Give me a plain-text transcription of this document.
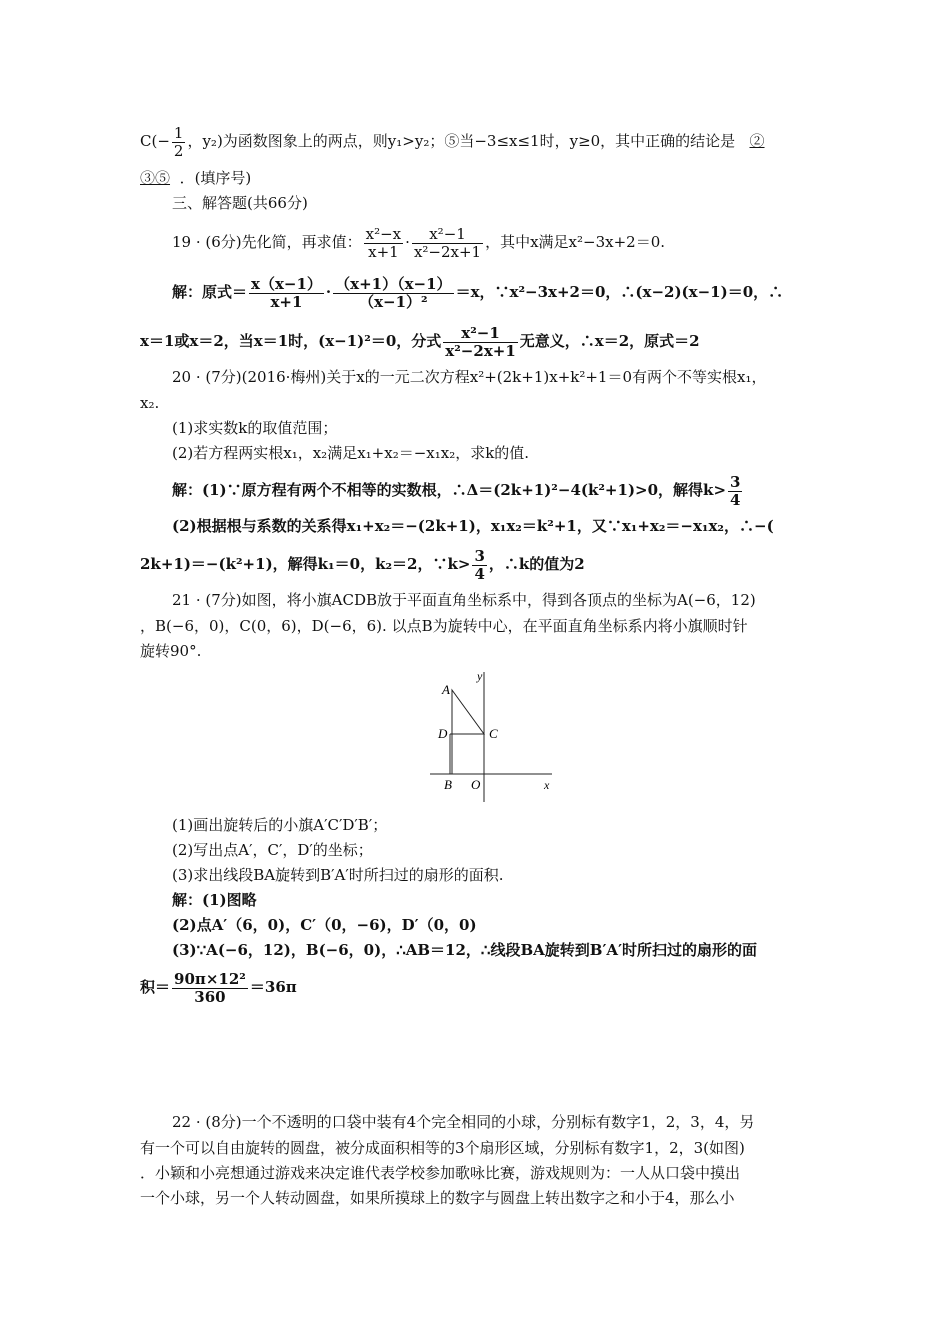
$C(- \frac{1}{2}$ ，y₂)为函数图象上的两点，则y₁>y₂；⑤当−3≤x≤1时，y≥0，其中正确的结论是 ②
③⑤ ．(填序号)
三、解答题(共66分)
19 · (6分)先化简，再求值： $\frac{\text{x²−x}}{x+1} \cdot \frac{\text{x²−1}}{\text{x²−2x+1}}$ ，其中x满足x²−3x+2＝0.
解：原式＝ $\frac{x(x-1)}{x+1} \cdot \frac{(x+1)(x-1)}{\text{（x−1）²}} =x$，∵x²−3x+2＝0，∴(x−2)(x−1)＝0，∴
x＝1或x＝2，当x＝1时，(x−1)²＝0，分式 $\frac{\text{x²−1}}{\text{x²−2x+1}}$ 无意义，∴x＝2，原式＝2
20 · (7分)(2016·梅州)关于x的一元二次方程x²+(2k+1)x+k²+1＝0有两个不等实根x₁，
x₂.
(1)求实数k的取值范围；
(2)若方程两实根x₁，x₂满足x₁+x₂＝−x₁x₂，求k的值.
解：(1)∵原方程有两个不相等的实数根，∴Δ＝(2k+1)²−4(k²+1)>0，解得$k> \frac{3}{4}$
(2)根据根与系数的关系得x₁+x₂＝−(2k+1)，x₁x₂＝k²+1，又∵x₁+x₂＝−x₁x₂，∴−(
2k+1)＝−(k²+1)，解得k₁＝0，k₂＝2，∵k> $\frac{3}{4}$ ，∴k的值为2
21 · (7分)如图，将小旗ACDB放于平面直角坐标系中，得到各顶点的坐标为A(−6，12)
，B(−6，0)，C(0，6)，D(−6，6). 以点B为旋转中心，在平面直角坐标系内将小旗顺时针
旋转90°.
A
D	C
B O	x
y
(1)画出旋转后的小旗A′C′D′B′；
(2)写出点A′，C′，D′的坐标；
(3)求出线段BA旋转到B′A′时所扫过的扇形的面积.
解：(1)图略
(2)点A′（6，0)，C′（0，−6)，D′（0，0)
(3)∵A(−6，12)，B(−6，0)，∴AB＝12，∴线段BA旋转到B′A′时所扫过的扇形的面
积＝ $\frac{\text{90π×12²}}{360} =36\pi$
22 · (8分)一个不透明的口袋中装有4个完全相同的小球，分别标有数字1，2，3，4，另
有一个可以自由旋转的圆盘，被分成面积相等的3个扇形区域，分别标有数字1，2，3(如图)
．小颖和小亮想通过游戏来决定谁代表学校参加歌咏比赛，游戏规则为：一人从口袋中摸出
一个小球，另一个人转动圆盘，如果所摸球上的数字与圆盘上转出数字之和小于4，那么小
